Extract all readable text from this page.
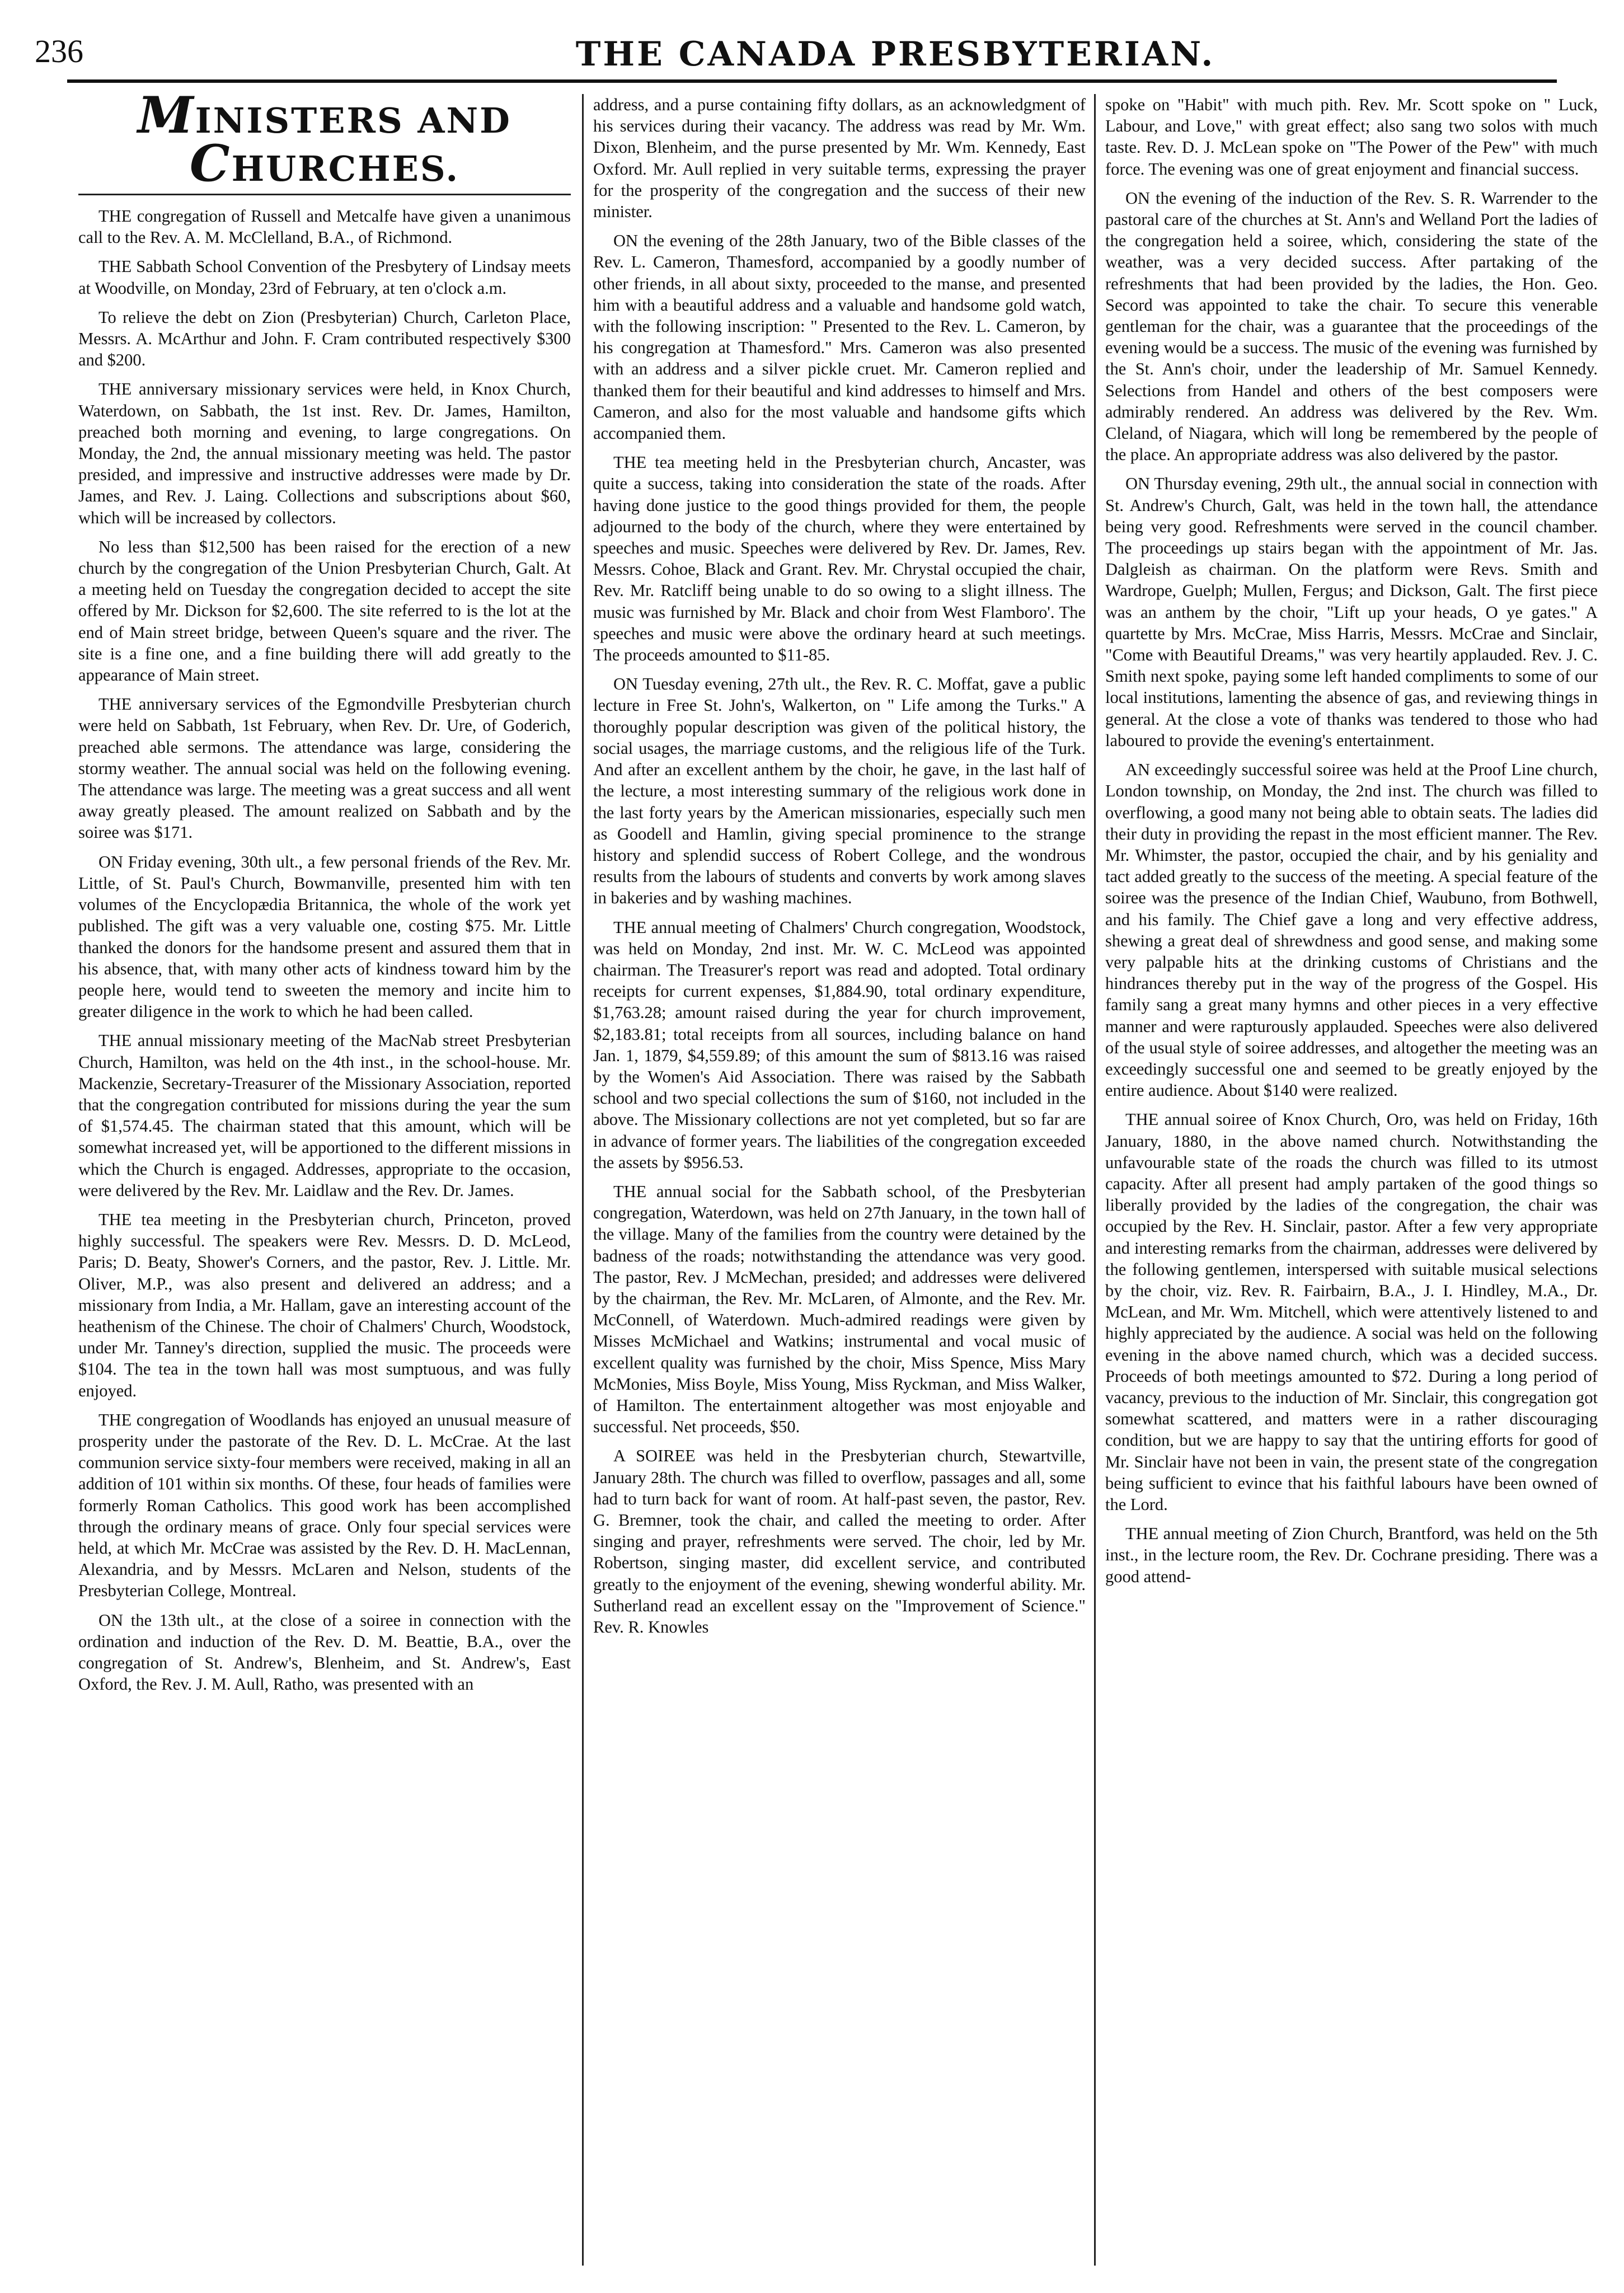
236	THE CANADA PRESBYTERIAN.
MINISTERS AND CHURCHES.

THE congregation of Russell and Metcalfe have given a unanimous call to the Rev. A. M. McClelland, B.A., of Richmond.

THE Sabbath School Convention of the Presbytery of Lindsay meets at Woodville, on Monday, 23rd of February, at ten o'clock a.m.

To relieve the debt on Zion (Presbyterian) Church, Carleton Place, Messrs. A. McArthur and John. F. Cram contributed respectively $300 and $200.

THE anniversary missionary services were held, in Knox Church, Waterdown, on Sabbath, the 1st inst. Rev. Dr. James, Hamilton, preached both morning and evening, to large congregations. On Monday, the 2nd, the annual missionary meeting was held. The pastor presided, and impressive and instructive addresses were made by Dr. James, and Rev. J. Laing. Collections and subscriptions about $60, which will be increased by collectors.

No less than $12,500 has been raised for the erection of a new church by the congregation of the Union Presbyterian Church, Galt. At a meeting held on Tuesday the congregation decided to accept the site offered by Mr. Dickson for $2,600. The site referred to is the lot at the end of Main street bridge, between Queen's square and the river. The site is a fine one, and a fine building there will add greatly to the appearance of Main street.

THE anniversary services of the Egmondville Presbyterian church were held on Sabbath, 1st February, when Rev. Dr. Ure, of Goderich, preached able sermons. The attendance was large, considering the stormy weather. The annual social was held on the following evening. The attendance was large. The meeting was a great success and all went away greatly pleased. The amount realized on Sabbath and by the soiree was $171.

ON Friday evening, 30th ult., a few personal friends of the Rev. Mr. Little, of St. Paul's Church, Bowmanville, presented him with ten volumes of the Encyclopædia Britannica, the whole of the work yet published. The gift was a very valuable one, costing $75. Mr. Little thanked the donors for the handsome present and assured them that in his absence, that, with many other acts of kindness toward him by the people here, would tend to sweeten the memory and incite him to greater diligence in the work to which he had been called.

THE annual missionary meeting of the MacNab street Presbyterian Church, Hamilton, was held on the 4th inst., in the school-house. Mr. Mackenzie, Secretary-Treasurer of the Missionary Association, reported that the congregation contributed for missions during the year the sum of $1,574.45. The chairman stated that this amount, which will be somewhat increased yet, will be apportioned to the different missions in which the Church is engaged. Addresses, appropriate to the occasion, were delivered by the Rev. Mr. Laidlaw and the Rev. Dr. James.

THE tea meeting in the Presbyterian church, Princeton, proved highly successful. The speakers were Rev. Messrs. D. D. McLeod, Paris; D. Beaty, Shower's Corners, and the pastor, Rev. J. Little. Mr. Oliver, M.P., was also present and delivered an address; and a missionary from India, a Mr. Hallam, gave an interesting account of the heathenism of the Chinese. The choir of Chalmers' Church, Woodstock, under Mr. Tanney's direction, supplied the music. The proceeds were $104. The tea in the town hall was most sumptuous, and was fully enjoyed.

THE congregation of Woodlands has enjoyed an unusual measure of prosperity under the pastorate of the Rev. D. L. McCrae. At the last communion service sixty-four members were received, making in all an addition of 101 within six months. Of these, four heads of families were formerly Roman Catholics. This good work has been accomplished through the ordinary means of grace. Only four special services were held, at which Mr. McCrae was assisted by the Rev. D. H. MacLennan, Alexandria, and by Messrs. McLaren and Nelson, students of the Presbyterian College, Montreal.

ON the 13th ult., at the close of a soiree in connection with the ordination and induction of the Rev. D. M. Beattie, B.A., over the congregation of St. Andrew's, Blenheim, and St. Andrew's, East Oxford, the Rev. J. M. Aull, Ratho, was presented with an

address, and a purse containing fifty dollars, as an acknowledgment of his services during their vacancy. The address was read by Mr. Wm. Dixon, Blenheim, and the purse presented by Mr. Wm. Kennedy, East Oxford. Mr. Aull replied in very suitable terms, expressing the prayer for the prosperity of the congregation and the success of their new minister.

ON the evening of the 28th January, two of the Bible classes of the Rev. L. Cameron, Thamesford, accompanied by a goodly number of other friends, in all about sixty, proceeded to the manse, and presented him with a beautiful address and a valuable and handsome gold watch, with the following inscription: " Presented to the Rev. L. Cameron, by his congregation at Thamesford." Mrs. Cameron was also presented with an address and a silver pickle cruet. Mr. Cameron replied and thanked them for their beautiful and kind addresses to himself and Mrs. Cameron, and also for the most valuable and handsome gifts which accompanied them.

THE tea meeting held in the Presbyterian church, Ancaster, was quite a success, taking into consideration the state of the roads. After having done justice to the good things provided for them, the people adjourned to the body of the church, where they were entertained by speeches and music. Speeches were delivered by Rev. Dr. James, Rev. Messrs. Cohoe, Black and Grant. Rev. Mr. Chrystal occupied the chair, Rev. Mr. Ratcliff being unable to do so owing to a slight illness. The music was furnished by Mr. Black and choir from West Flamboro'. The speeches and music were above the ordinary heard at such meetings. The proceeds amounted to $11-85.

ON Tuesday evening, 27th ult., the Rev. R. C. Moffat, gave a public lecture in Free St. John's, Walkerton, on " Life among the Turks." A thoroughly popular description was given of the political history, the social usages, the marriage customs, and the religious life of the Turk. And after an excellent anthem by the choir, he gave, in the last half of the lecture, a most interesting summary of the religious work done in the last forty years by the American missionaries, especially such men as Goodell and Hamlin, giving special prominence to the strange history and splendid success of Robert College, and the wondrous results from the labours of students and converts by work among slaves in bakeries and by washing machines.

THE annual meeting of Chalmers' Church congregation, Woodstock, was held on Monday, 2nd inst. Mr. W. C. McLeod was appointed chairman. The Treasurer's report was read and adopted. Total ordinary receipts for current expenses, $1,884.90, total ordinary expenditure, $1,763.28; amount raised during the year for church improvement, $2,183.81; total receipts from all sources, including balance on hand Jan. 1, 1879, $4,559.89; of this amount the sum of $813.16 was raised by the Women's Aid Association. There was raised by the Sabbath school and two special collections the sum of $160, not included in the above. The Missionary collections are not yet completed, but so far are in advance of former years. The liabilities of the congregation exceeded the assets by $956.53.

THE annual social for the Sabbath school, of the Presbyterian congregation, Waterdown, was held on 27th January, in the town hall of the village. Many of the families from the country were detained by the badness of the roads; notwithstanding the attendance was very good. The pastor, Rev. J McMechan, presided; and addresses were delivered by the chairman, the Rev. Mr. McLaren, of Almonte, and the Rev. Mr. McConnell, of Waterdown. Much-admired readings were given by Misses McMichael and Watkins; instrumental and vocal music of excellent quality was furnished by the choir, Miss Spence, Miss Mary McMonies, Miss Boyle, Miss Young, Miss Ryckman, and Miss Walker, of Hamilton. The entertainment altogether was most enjoyable and successful. Net proceeds, $50.

A SOIREE was held in the Presbyterian church, Stewartville, January 28th. The church was filled to overflow, passages and all, some had to turn back for want of room. At half-past seven, the pastor, Rev. G. Bremner, took the chair, and called the meeting to order. After singing and prayer, refreshments were served. The choir, led by Mr. Robertson, singing master, did excellent service, and contributed greatly to the enjoyment of the evening, shewing wonderful ability. Mr. Sutherland read an excellent essay on the "Improvement of Science." Rev. R. Knowles

spoke on "Habit" with much pith. Rev. Mr. Scott spoke on " Luck, Labour, and Love," with great effect; also sang two solos with much taste. Rev. D. J. McLean spoke on "The Power of the Pew" with much force. The evening was one of great enjoyment and financial success.

ON the evening of the induction of the Rev. S. R. Warrender to the pastoral care of the churches at St. Ann's and Welland Port the ladies of the congregation held a soiree, which, considering the state of the weather, was a very decided success. After partaking of the refreshments that had been provided by the ladies, the Hon. Geo. Secord was appointed to take the chair. To secure this venerable gentleman for the chair, was a guarantee that the proceedings of the evening would be a success. The music of the evening was furnished by the St. Ann's choir, under the leadership of Mr. Samuel Kennedy. Selections from Handel and others of the best composers were admirably rendered. An address was delivered by the Rev. Wm. Cleland, of Niagara, which will long be remembered by the people of the place. An appropriate address was also delivered by the pastor.

ON Thursday evening, 29th ult., the annual social in connection with St. Andrew's Church, Galt, was held in the town hall, the attendance being very good. Refreshments were served in the council chamber. The proceedings up stairs began with the appointment of Mr. Jas. Dalgleish as chairman. On the platform were Revs. Smith and Wardrope, Guelph; Mullen, Fergus; and Dickson, Galt. The first piece was an anthem by the choir, "Lift up your heads, O ye gates." A quartette by Mrs. McCrae, Miss Harris, Messrs. McCrae and Sinclair, "Come with Beautiful Dreams," was very heartily applauded. Rev. J. C. Smith next spoke, paying some left handed compliments to some of our local institutions, lamenting the absence of gas, and reviewing things in general. At the close a vote of thanks was tendered to those who had laboured to provide the evening's entertainment.

AN exceedingly successful soiree was held at the Proof Line church, London township, on Monday, the 2nd inst. The church was filled to overflowing, a good many not being able to obtain seats. The ladies did their duty in providing the repast in the most efficient manner. The Rev. Mr. Whimster, the pastor, occupied the chair, and by his geniality and tact added greatly to the success of the meeting. A special feature of the soiree was the presence of the Indian Chief, Waubuno, from Bothwell, and his family. The Chief gave a long and very effective address, shewing a great deal of shrewdness and good sense, and making some very palpable hits at the drinking customs of Christians and the hindrances thereby put in the way of the progress of the Gospel. His family sang a great many hymns and other pieces in a very effective manner and were rapturously applauded. Speeches were also delivered of the usual style of soiree addresses, and altogether the meeting was an exceedingly successful one and seemed to be greatly enjoyed by the entire audience. About $140 were realized.

THE annual soiree of Knox Church, Oro, was held on Friday, 16th January, 1880, in the above named church. Notwithstanding the unfavourable state of the roads the church was filled to its utmost capacity. After all present had amply partaken of the good things so liberally provided by the ladies of the congregation, the chair was occupied by the Rev. H. Sinclair, pastor. After a few very appropriate and interesting remarks from the chairman, addresses were delivered by the following gentlemen, interspersed with suitable musical selections by the choir, viz. Rev. R. Fairbairn, B.A., J. I. Hindley, M.A., Dr. McLean, and Mr. Wm. Mitchell, which were attentively listened to and highly appreciated by the audience. A social was held on the following evening in the above named church, which was a decided success. Proceeds of both meetings amounted to $72. During a long period of vacancy, previous to the induction of Mr. Sinclair, this congregation got somewhat scattered, and matters were in a rather discouraging condition, but we are happy to say that the untiring efforts for good of Mr. Sinclair have not been in vain, the present state of the congregation being sufficient to evince that his faithful labours have been owned of the Lord.

THE annual meeting of Zion Church, Brantford, was held on the 5th inst., in the lecture room, the Rev. Dr. Cochrane presiding. There was a good attend-
